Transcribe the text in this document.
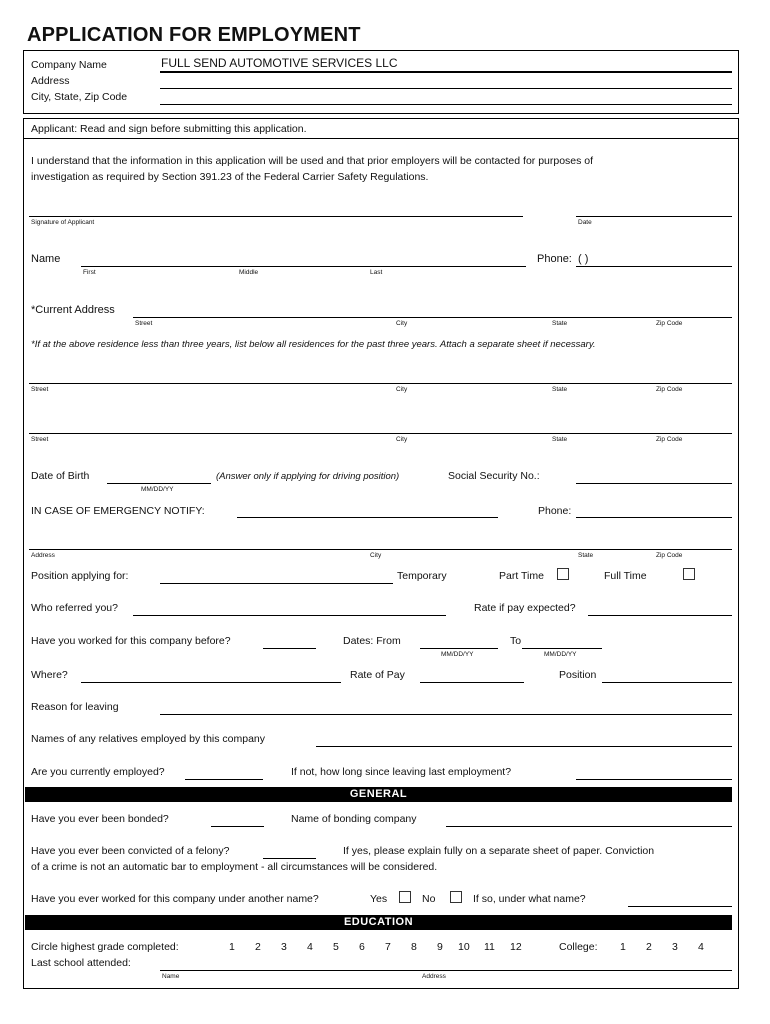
APPLICATION FOR EMPLOYMENT
Company Name	FULL SEND AUTOMOTIVE SERVICES LLC
Address
City, State, Zip Code
Applicant: Read and sign before submitting this application.
I understand that the information in this application will be used and that prior employers will be contacted for purposes of
investigation as required by Section 391.23 of the Federal Carrier Safety Regulations.
Signature of Applicant	Date
Name
First	Middle	Last
Phone: ( )
*Current Address
Street	City	State	Zip Code
*If at the above residence less than three years, list below all residences for the past three years. Attach a separate sheet if necessary.
Street	City	State	Zip Code
Street	City	State	Zip Code
Date of Birth
MM/DD/YY
(Answer only if applying for driving position)	Social Security No.:
IN CASE OF EMERGENCY NOTIFY:	Phone:
Address	City	State	Zip Code
Position applying for:	Temporary	Part Time	Full Time
Who referred you?	Rate if pay expected?
Have you worked for this company before?	Dates: From
MM/DD/YY
To
MM/DD/YY
Where?	Rate of Pay	Position
Reason for leaving
Names of any relatives employed by this company
Are you currently employed?	If not, how long since leaving last employment?
GENERAL
Have you ever been bonded?	Name of bonding company
Have you ever been convicted of a felony?	If yes, please explain fully on a separate sheet of paper. Conviction
of a crime is not an automatic bar to employment - all circumstances will be considered.
Have you ever worked for this company under another name?	Yes	No	If so, under what name?
EDUCATION
Circle highest grade completed:	1 2 3 4 5 6 7 8 9 10 11 12	College: 1 2 3 4
Last school attended:
Name	Address
